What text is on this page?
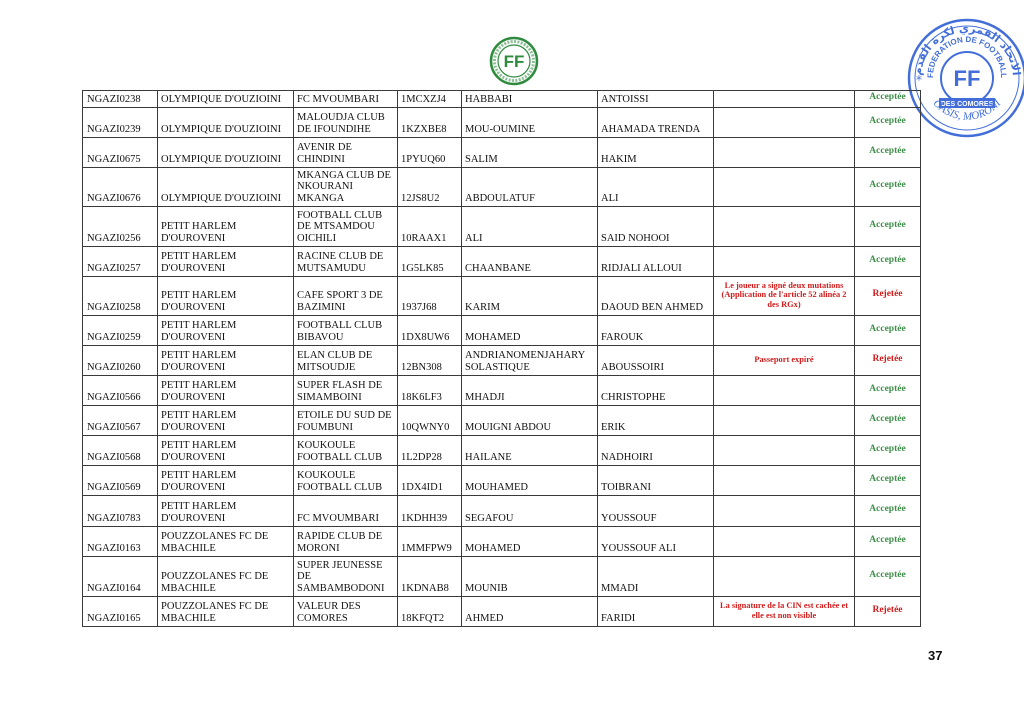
FF
الاتحاد القمري لكرة القدم
FEDERATION DE FOOTBALL
FF
DES COMORES
OASIS, MORONI
*
NGAZI0238	OLYMPIQUE D'OUZIOINI	FC MVOUMBARI	1MCXZJ4	HABBABI	ANTOISSI		Acceptée
NGAZI0239	OLYMPIQUE D'OUZIOINI	MALOUDJA CLUB DE IFOUNDIHE	1KZXBE8	MOU-OUMINE	AHAMADA TRENDA		Acceptée
NGAZI0675	OLYMPIQUE D'OUZIOINI	AVENIR DE CHINDINI	1PYUQ60	SALIM	HAKIM		Acceptée
NGAZI0676	OLYMPIQUE D'OUZIOINI	MKANGA CLUB DE NKOURANI MKANGA	12JS8U2	ABDOULATUF	ALI		Acceptée
NGAZI0256	PETIT HARLEM D'OUROVENI	FOOTBALL CLUB DE MTSAMDOU OICHILI	10RAAX1	ALI	SAID NOHOOI		Acceptée
NGAZI0257	PETIT HARLEM D'OUROVENI	RACINE CLUB DE MUTSAMUDU	1G5LK85	CHAANBANE	RIDJALI ALLOUI		Acceptée
NGAZI0258	PETIT HARLEM D'OUROVENI	CAFE SPORT 3 DE BAZIMINI	1937J68	KARIM	DAOUD BEN AHMED	Le joueur a signé deux mutations (Application de l'article 52 alinéa 2 des RGx)	Rejetée
NGAZI0259	PETIT HARLEM D'OUROVENI	FOOTBALL CLUB BIBAVOU	1DX8UW6	MOHAMED	FAROUK		Acceptée
NGAZI0260	PETIT HARLEM D'OUROVENI	ELAN CLUB DE MITSOUDJE	12BN308	ANDRIANOMENJAHARY SOLASTIQUE	ABOUSSOIRI	Passeport expiré	Rejetée
NGAZI0566	PETIT HARLEM D'OUROVENI	SUPER FLASH DE SIMAMBOINI	18K6LF3	MHADJI	CHRISTOPHE		Acceptée
NGAZI0567	PETIT HARLEM D'OUROVENI	ETOILE DU SUD DE FOUMBUNI	10QWNY0	MOUIGNI ABDOU	ERIK		Acceptée
NGAZI0568	PETIT HARLEM D'OUROVENI	KOUKOULE FOOTBALL CLUB	1L2DP28	HAILANE	NADHOIRI		Acceptée
NGAZI0569	PETIT HARLEM D'OUROVENI	KOUKOULE FOOTBALL CLUB	1DX4ID1	MOUHAMED	TOIBRANI		Acceptée
NGAZI0783	PETIT HARLEM D'OUROVENI	FC MVOUMBARI	1KDHH39	SEGAFOU	YOUSSOUF		Acceptée
NGAZI0163	POUZZOLANES FC DE MBACHILE	RAPIDE CLUB DE MORONI	1MMFPW9	MOHAMED	YOUSSOUF ALI		Acceptée
NGAZI0164	POUZZOLANES FC DE MBACHILE	SUPER JEUNESSE DE SAMBAMBODONI	1KDNAB8	MOUNIB	MMADI		Acceptée
NGAZI0165	POUZZOLANES FC DE MBACHILE	VALEUR DES COMORES	18KFQT2	AHMED	FARIDI	La signature de la CIN est cachée et elle est non visible	Rejetée
37
